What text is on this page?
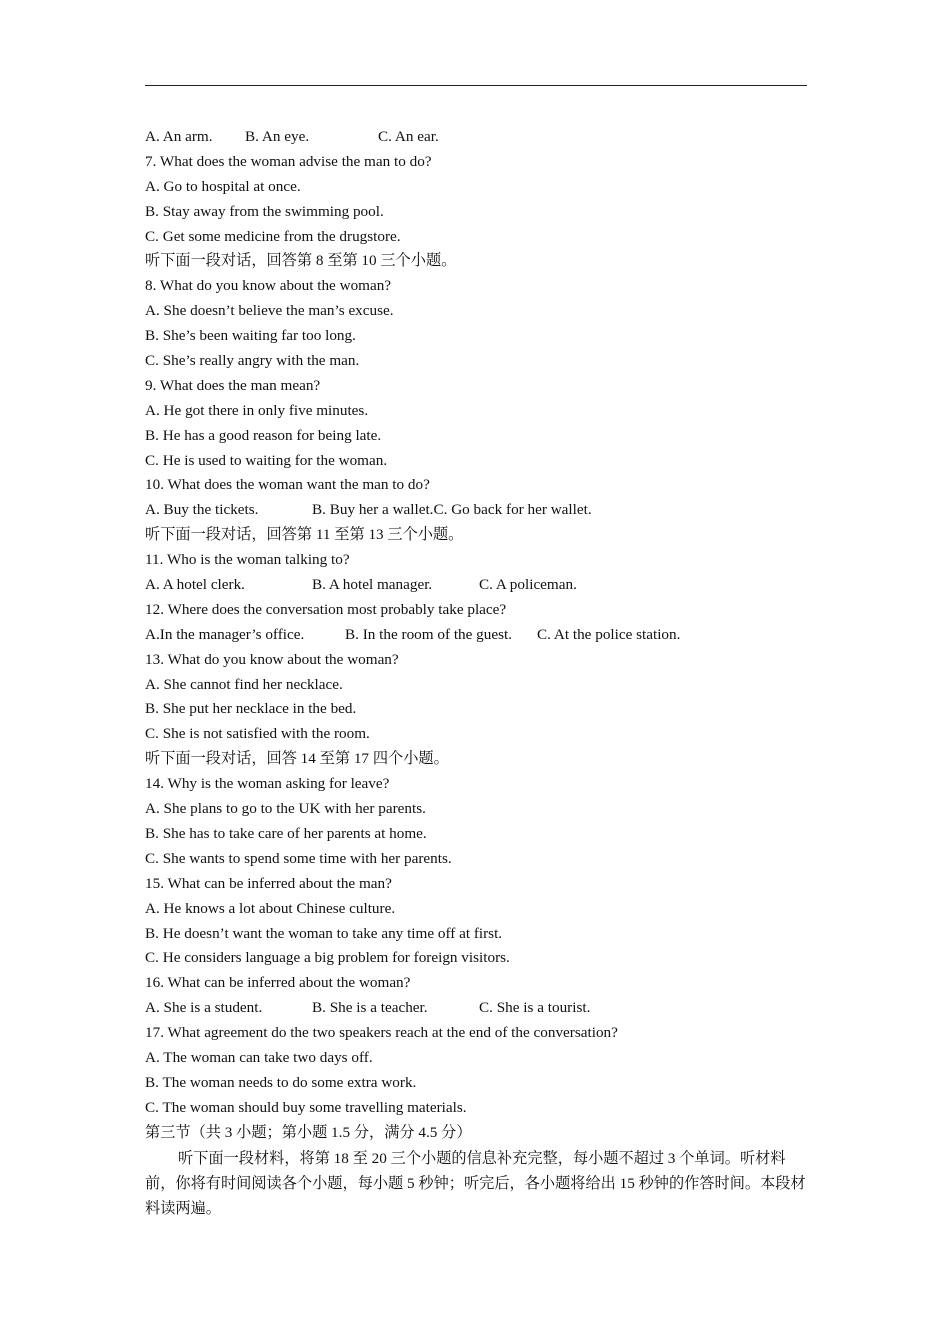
A. An arm. B. An eye.	C. An ear.
7. What does the woman advise the man to do?
A. Go to hospital at once.
B. Stay away from the swimming pool.
C. Get some medicine from the drugstore.
听下面一段对话，回答第 8 至第 10 三个小题。
8. What do you know about the woman?
A. She doesn’t believe the man’s excuse.
B. She’s been waiting far too long.
C. She’s really angry with the man.
9. What does the man mean?
A. He got there in only five minutes.
B. He has a good reason for being late.
C. He is used to waiting for the woman.
10. What does the woman want the man to do?
A. Buy the tickets.	B. Buy her a wallet.C. Go back for her wallet.
听下面一段对话，回答第 11 至第 13 三个小题。
11. Who is the woman talking to?
A. A hotel clerk.	B. A hotel manager.	C. A policeman.
12. Where does the conversation most probably take place?
A.In the manager’s office.	B. In the room of the guest. C. At the police station.
13. What do you know about the woman?
A. She cannot find her necklace.
B. She put her necklace in the bed.
C. She is not satisfied with the room.
听下面一段对话，回答 14 至第 17 四个小题。
14. Why is the woman asking for leave?
A. She plans to go to the UK with her parents.
B. She has to take care of her parents at home.
C. She wants to spend some time with her parents.
15. What can be inferred about the man?
A. He knows a lot about Chinese culture.
B. He doesn’t want the woman to take any time off at first.
C. He considers language a big problem for foreign visitors.
16. What can be inferred about the woman?
A. She is a student.	B. She is a teacher.	C. She is a tourist.
17. What agreement do the two speakers reach at the end of the conversation?
A. The woman can take two days off.
B. The woman needs to do some extra work.
C. The woman should buy some travelling materials.
第三节（共 3 小题；第小题 1.5 分，满分 4.5 分）
听下面一段材料，将第 18 至 20 三个小题的信息补充完整，每小题不超过 3 个单词。听材料前，你将有时间阅读各个小题，每小题 5 秒钟；听完后，各小题将给出 15 秒钟的作答时间。本段材料读两遍。
